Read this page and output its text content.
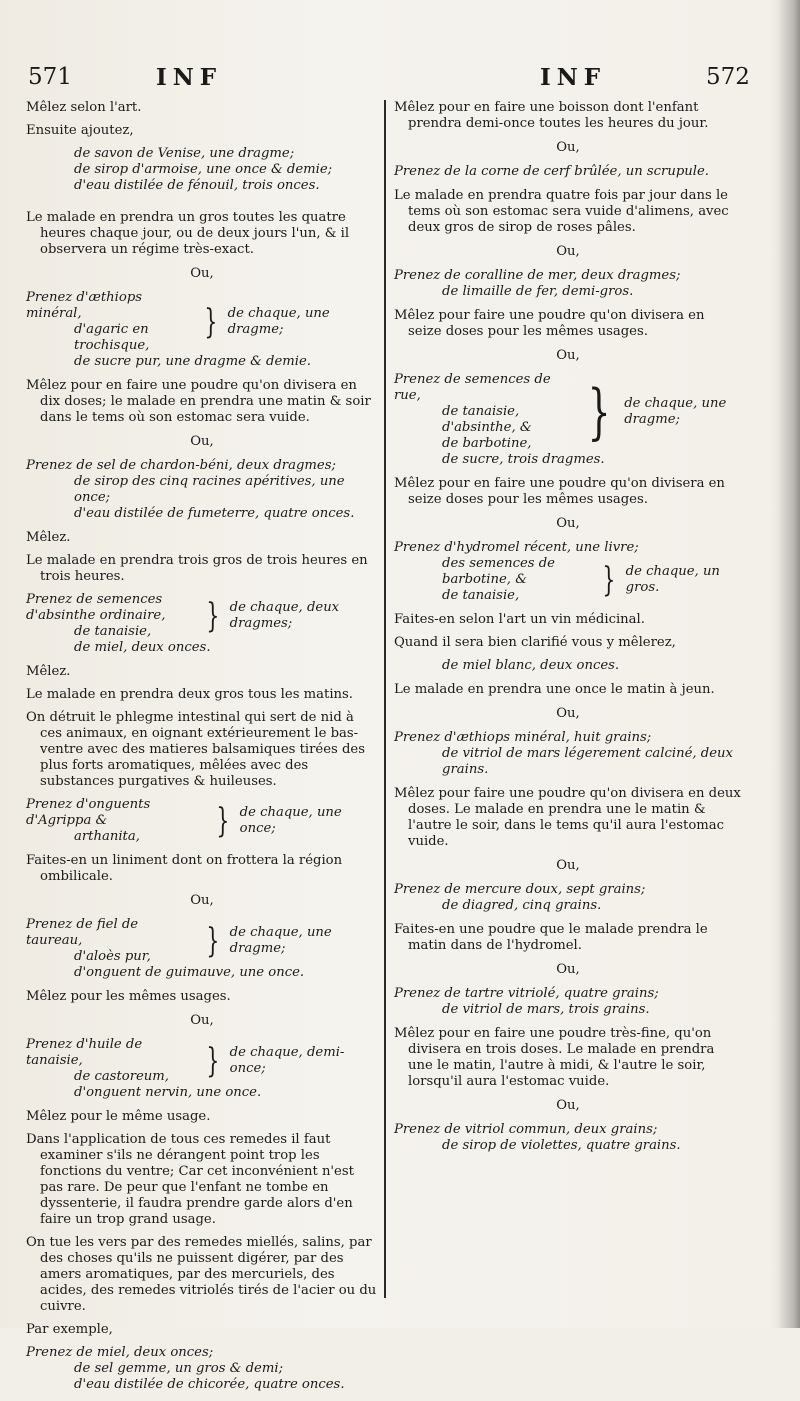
571	INF	INF	572

Mêlez selon l'art.

Ensuite ajoutez,

de savon de Venise, une dragme;

de sirop d'armoise, une once & demie;

d'eau distilée de fénouil, trois onces.

Le malade en prendra un gros toutes les quatre heures chaque jour, ou de deux jours l'un, & il observera un régime très-exact.

Ou,

Prenez d'æthiops minéral,

d'agaric en trochisque,

} de chaque, une dragme;

de sucre pur, une dragme & demie.

Mêlez pour en faire une poudre qu'on divisera en dix doses; le malade en prendra une matin & soir dans le tems où son estomac sera vuide.

Ou,

Prenez de sel de chardon-béni, deux dragmes;

de sirop des cinq racines apéritives, une once;

d'eau distilée de fumeterre, quatre onces.

Mêlez.

Le malade en prendra trois gros de trois heures en trois heures.

Prenez de semences d'absinthe ordinaire,

de tanaisie,	} de chaque, deux dragmes;

de miel, deux onces.

Mêlez.

Le malade en prendra deux gros tous les matins.

On détruit le phlegme intestinal qui sert de nid à ces animaux, en oignant extérieurement le bas-ventre avec des matieres balsamiques tirées des plus forts aromatiques, mêlées avec des substances purgatives & huileuses.

Prenez d'onguents d'Agrippa &

arthanita,	} de chaque, une once;

Faites-en un liniment dont on frottera la région ombilicale.

Ou,

Prenez de fiel de taureau,

d'aloès pur,	} de chaque, une dragme;

d'onguent de guimauve, une once.

Mêlez pour les mêmes usages.

Ou,

Prenez d'huile de tanaisie,

de castoreum,	} de chaque, demi-once;

d'onguent nervin, une once.

Mêlez pour le même usage.

Dans l'application de tous ces remedes il faut examiner s'ils ne dérangent point trop les fonctions du ventre; Car cet inconvénient n'est pas rare. De peur que l'enfant ne tombe en dyssenterie, il faudra prendre garde alors d'en faire un trop grand usage.

On tue les vers par des remedes miellés, salins, par des choses qu'ils ne puissent digérer, par des amers aromatiques, par des mercuriels, des acides, des remedes vitriolés tirés de l'acier ou du cuivre.

Par exemple,

Prenez de miel, deux onces;

de sel gemme, un gros & demi;

d'eau distilée de chicorée, quatre onces.

Mêlez pour en faire une boisson dont l'enfant prendra demi-once toutes les heures du jour.

Ou,

Prenez de la corne de cerf brûlée, un scrupule.

Le malade en prendra quatre fois par jour dans le tems où son estomac sera vuide d'alimens, avec deux gros de sirop de roses pâles.

Ou,

Prenez de coralline de mer, deux dragmes;

de limaille de fer, demi-gros.

Mêlez pour faire une poudre qu'on divisera en seize doses pour les mêmes usages.

Ou,

Prenez de semences de rue,

de tanaisie,

d'absinthe, &

de barbotine, } de chaque, une dragme;

de sucre, trois dragmes.

Mêlez pour en faire une poudre qu'on divisera en seize doses pour les mêmes usages.

Ou,

Prenez d'hydromel récent, une livre;

des semences de barbotine, &

de tanaisie,	} de chaque, un gros.

Faites-en selon l'art un vin médicinal.

Quand il sera bien clarifié vous y mêlerez,

de miel blanc, deux onces.

Le malade en prendra une once le matin à jeun.

Ou,

Prenez d'æthiops minéral, huit grains;

de vitriol de mars légerement calciné, deux grains.

Mêlez pour faire une poudre qu'on divisera en deux doses. Le malade en prendra une le matin & l'autre le soir, dans le tems qu'il aura l'estomac vuide.

Ou,

Prenez de mercure doux, sept grains;

de diagred, cinq grains.

Faites-en une poudre que le malade prendra le matin dans de l'hydromel.

Ou,

Prenez de tartre vitriolé, quatre grains;

de vitriol de mars, trois grains.

Mêlez pour en faire une poudre très-fine, qu'on divisera en trois doses. Le malade en prendra une le matin, l'autre à midi, & l'autre le soir, lorsqu'il aura l'estomac vuide.

Ou,

Prenez de vitriol commun, deux grains;

de sirop de violettes, quatre grains.
